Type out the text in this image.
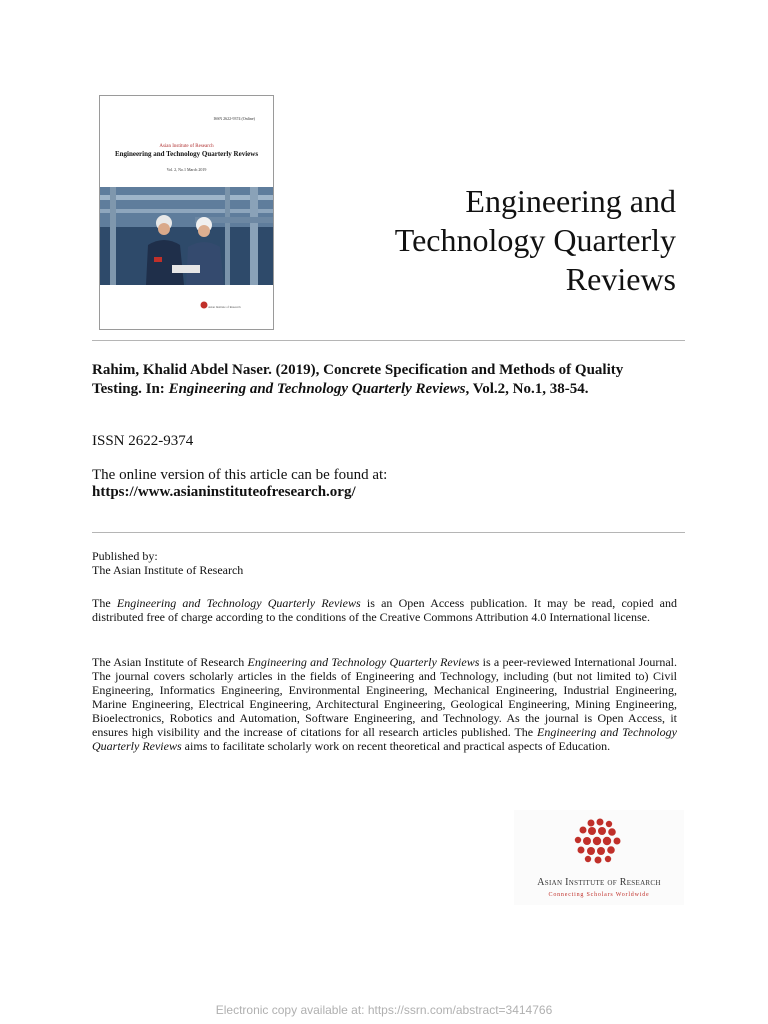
ISSN 2622-9374 (Online)
Asian Institute of Research
Engineering and Technology Quarterly Reviews
Vol. 2, No.1 March 2019
Asian Institute of Research
Engineering and
Technology Quarterly
Reviews
Rahim, Khalid Abdel Naser. (2019), Concrete Specification and Methods of Quality Testing. In: Engineering and Technology Quarterly Reviews, Vol.2, No.1, 38-54.
ISSN 2622-9374
The online version of this article can be found at:
https://www.asianinstituteofresearch.org/
Published by:
The Asian Institute of Research
The Engineering and Technology Quarterly Reviews is an Open Access publication. It may be read, copied and distributed free of charge according to the conditions of the Creative Commons Attribution 4.0 International license.
The Asian Institute of Research Engineering and Technology Quarterly Reviews is a peer-reviewed International Journal. The journal covers scholarly articles in the fields of Engineering and Technology, including (but not limited to) Civil Engineering, Informatics Engineering, Environmental Engineering, Mechanical Engineering, Industrial Engineering, Marine Engineering, Electrical Engineering, Architectural Engineering, Geological Engineering, Mining Engineering, Bioelectronics, Robotics and Automation, Software Engineering, and Technology. As the journal is Open Access, it ensures high visibility and the increase of citations for all research articles published. The Engineering and Technology Quarterly Reviews aims to facilitate scholarly work on recent theoretical and practical aspects of Education.
Asian Institute of Research
Connecting Scholars Worldwide
Electronic copy available at: https://ssrn.com/abstract=3414766
